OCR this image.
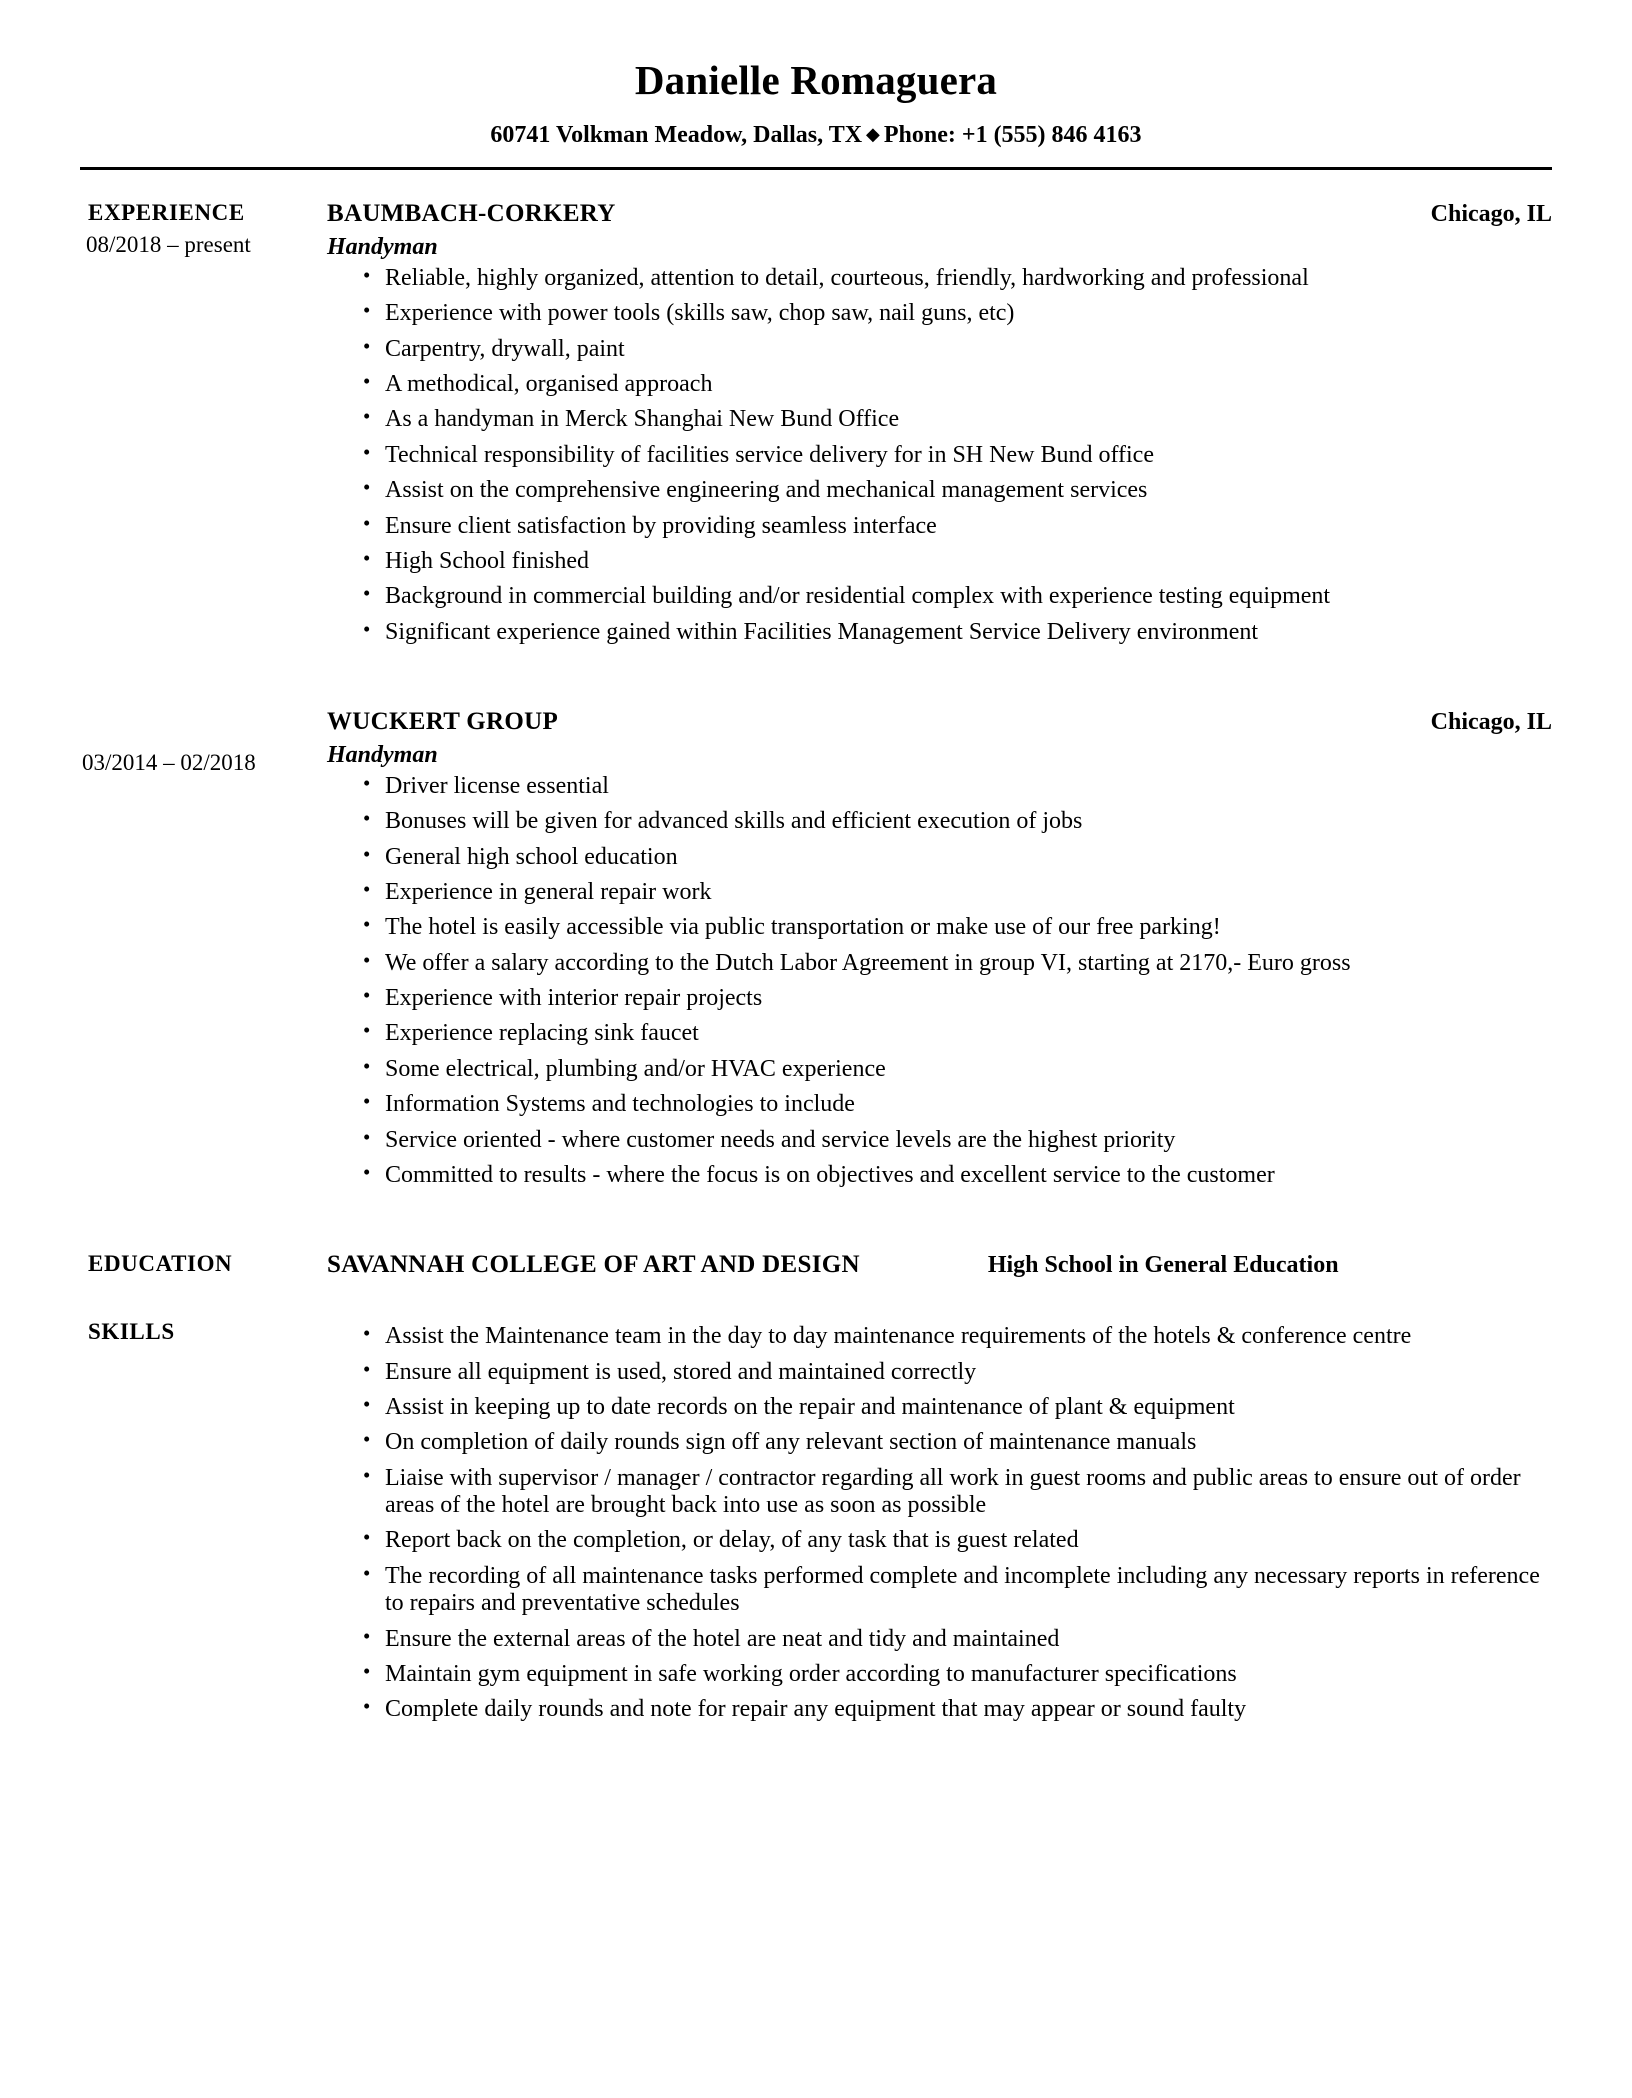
Danielle Romaguera
60741 Volkman Meadow, Dallas, TX ◆ Phone: +1 (555) 846 4163
EXPERIENCE
08/2018 – present
BAUMBACH-CORKERY	Chicago, IL
Handyman
• Reliable, highly organized, attention to detail, courteous, friendly, hardworking and professional
• Experience with power tools (skills saw, chop saw, nail guns, etc)
• Carpentry, drywall, paint
• A methodical, organised approach
• As a handyman in Merck Shanghai New Bund Office
• Technical responsibility of facilities service delivery for in SH New Bund office
• Assist on the comprehensive engineering and mechanical management services
• Ensure client satisfaction by providing seamless interface
• High School finished
• Background in commercial building and/or residential complex with experience testing equipment
• Significant experience gained within Facilities Management Service Delivery environment
03/2014 – 02/2018
WUCKERT GROUP	Chicago, IL
Handyman
• Driver license essential
• Bonuses will be given for advanced skills and efficient execution of jobs
• General high school education
• Experience in general repair work
• The hotel is easily accessible via public transportation or make use of our free parking!
• We offer a salary according to the Dutch Labor Agreement in group VI, starting at 2170,- Euro gross
• Experience with interior repair projects
• Experience replacing sink faucet
• Some electrical, plumbing and/or HVAC experience
• Information Systems and technologies to include
• Service oriented - where customer needs and service levels are the highest priority
• Committed to results - where the focus is on objectives and excellent service to the customer
EDUCATION	SAVANNAH COLLEGE OF ART AND DESIGN	High School in General Education
SKILLS	• Assist the Maintenance team in the day to day maintenance requirements of the hotels & conference centre
• Ensure all equipment is used, stored and maintained correctly
• Assist in keeping up to date records on the repair and maintenance of plant & equipment
• On completion of daily rounds sign off any relevant section of maintenance manuals
• Liaise with supervisor / manager / contractor regarding all work in guest rooms and public areas to ensure out of order areas of the hotel are brought back into use as soon as possible
• Report back on the completion, or delay, of any task that is guest related
• The recording of all maintenance tasks performed complete and incomplete including any necessary reports in reference to repairs and preventative schedules
• Ensure the external areas of the hotel are neat and tidy and maintained
• Maintain gym equipment in safe working order according to manufacturer specifications
• Complete daily rounds and note for repair any equipment that may appear or sound faulty
